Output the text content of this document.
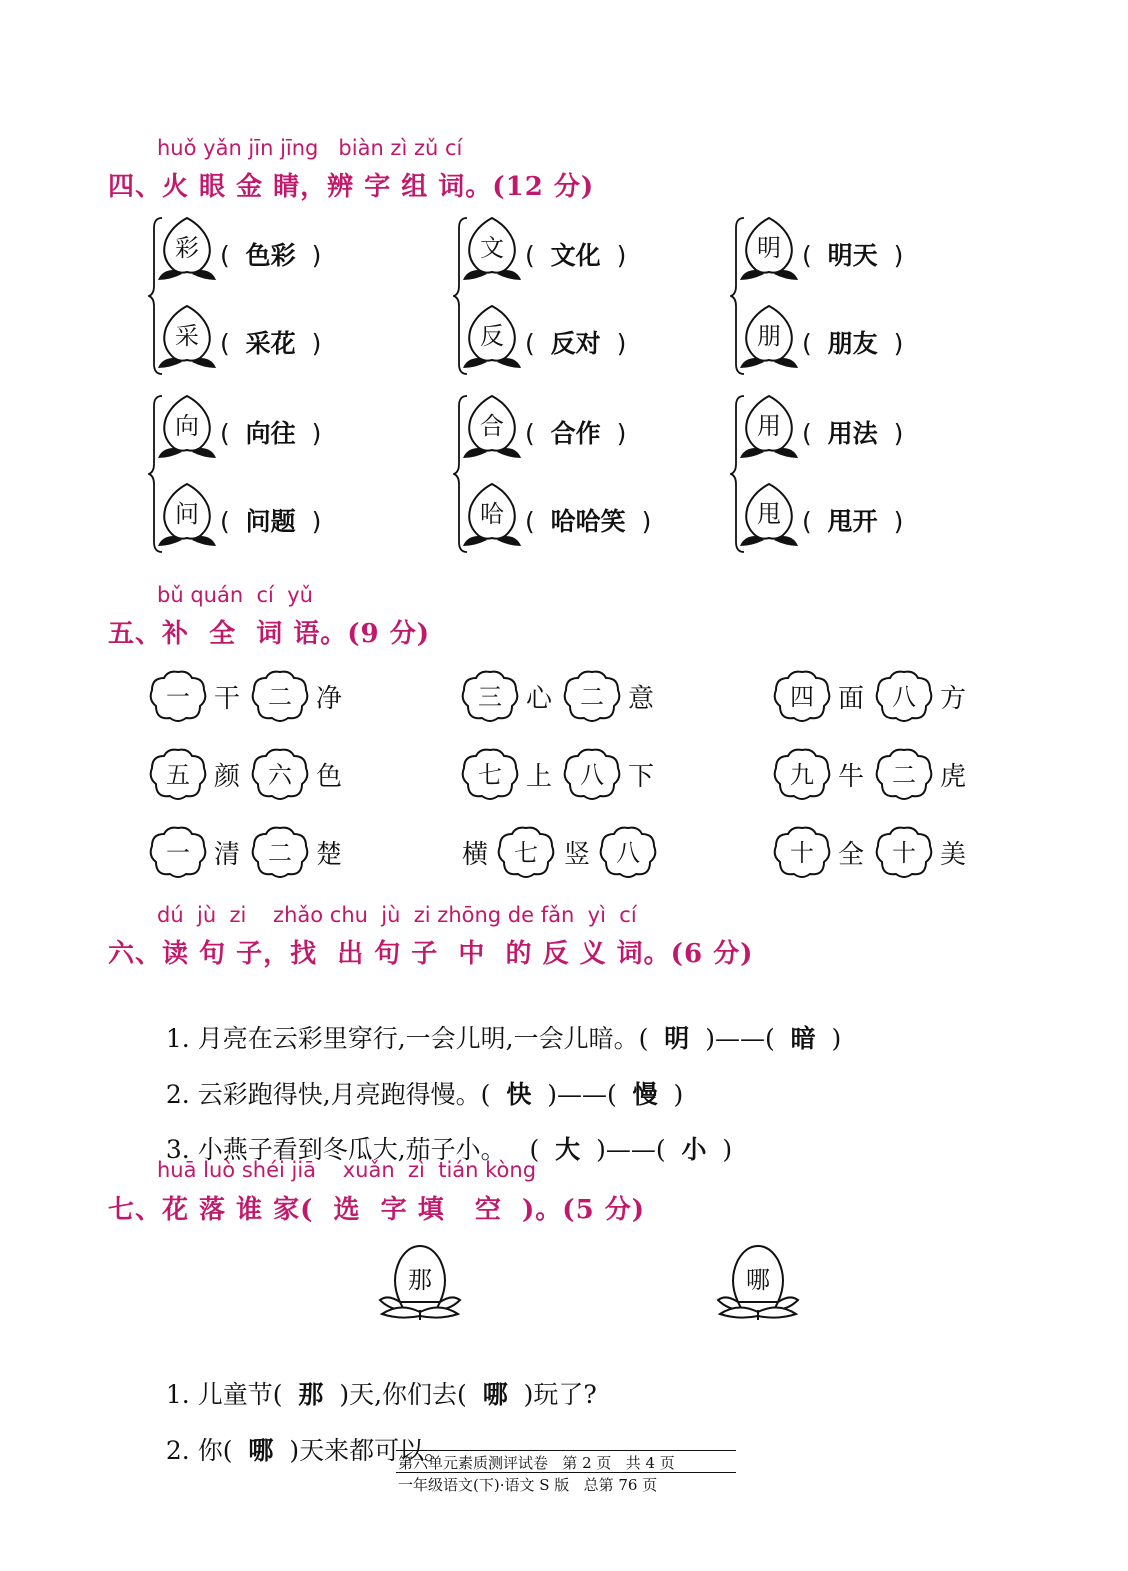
huǒ yǎn jīn jīng   biàn zì zǔ cí
四、火 眼 金 睛，辨 字 组 词。(12 分)
彩 (  色彩  )
采 (  采花  )
文 (  文化  )
反 (  反对  )
明 (  明天  )
朋 (  朋友  )
向 (  向往  )
问 (  问题  )
合 (  合作  )
哈 (  哈哈笑  )
用 (  用法  )
甩 (  甩开  )
bǔ quán  cí  yǔ
五、补  全  词 语。(9 分)
一 干 二 净	三 心 二 意	四 面 八 方
五 颜 六 色	七 上 八 下	九 牛 二 虎
一 清 二 楚	横 七 竖 八	十 全 十 美
dú  jù  zi    zhǎo chu  jù  zi zhōng de fǎn  yì  cí
六、读 句 子，找  出 句 子  中  的 反 义 词。(6 分)

1. 月亮在云彩里穿行,一会儿明,一会儿暗。(  明  )——(  暗  )

2. 云彩跑得快,月亮跑得慢。(  快  )——(  慢  )

3. 小燕子看到冬瓜大,茄子小。   (  大  )——(  小  )

huā luò shéi jiā    xuǎn  zì  tián kòng
七、花 落 谁 家(  选  字 填   空  )。(5 分)
那	哪

1. 儿童节( 那 )天,你们去( 哪 )玩了?

2. 你( 哪 )天来都可以。

第六单元素质测评试卷   第 2 页   共 4 页
一年级语文(下)·语文 S 版   总第 76 页
